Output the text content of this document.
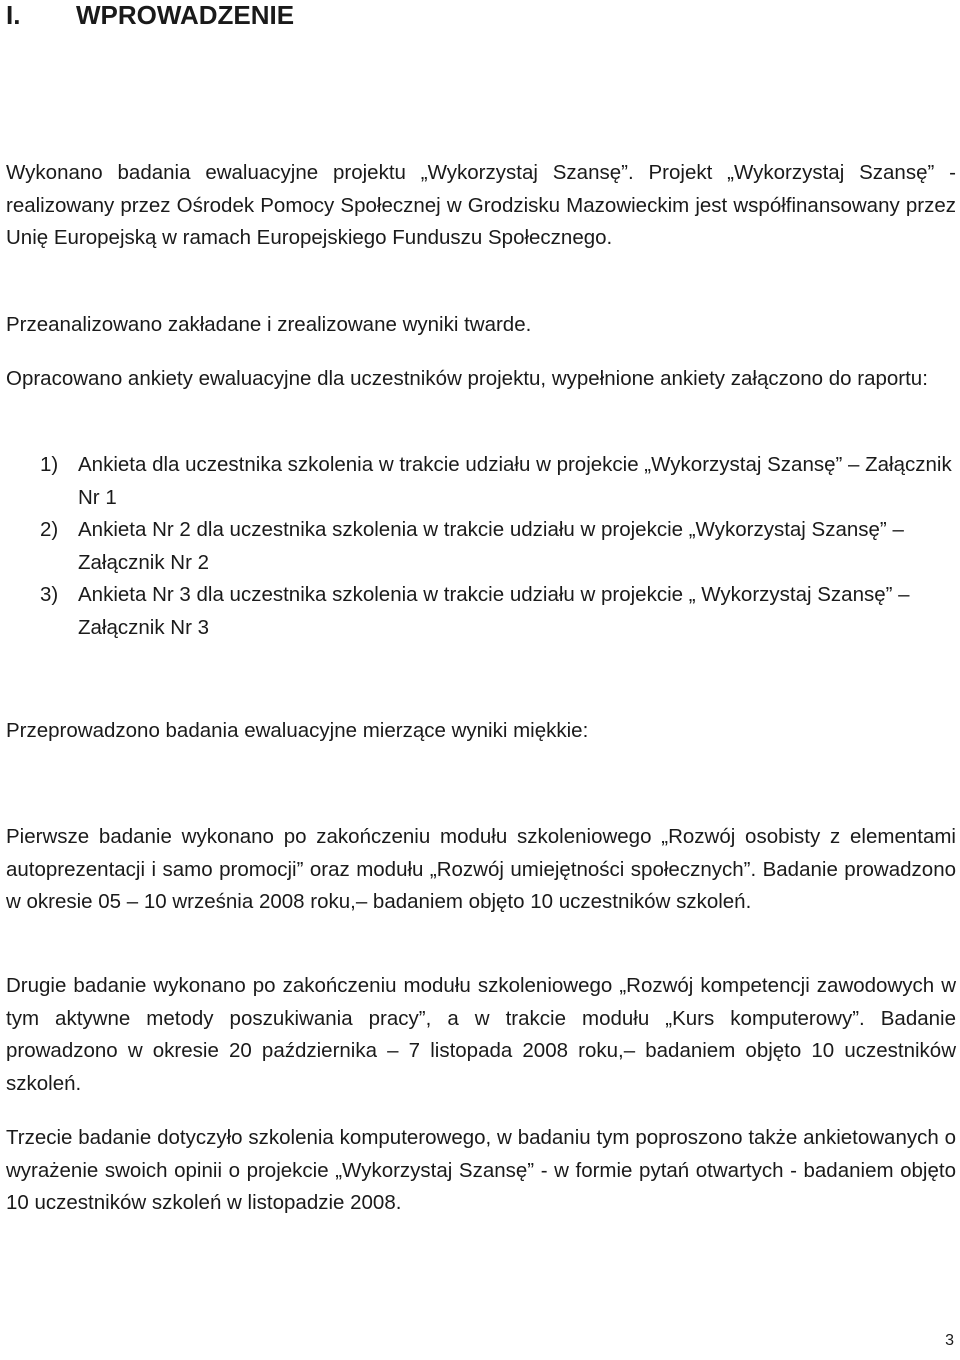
I. WPROWADZENIE

Wykonano badania ewaluacyjne projektu „Wykorzystaj Szansę”. Projekt „Wykorzystaj Szansę” - realizowany przez Ośrodek Pomocy Społecznej w Grodzisku Mazowieckim jest współfinansowany przez Unię Europejską w ramach Europejskiego Funduszu Społecznego.

Przeanalizowano zakładane i zrealizowane wyniki twarde.

Opracowano ankiety ewaluacyjne dla uczestników projektu, wypełnione ankiety załączono do raportu:

1) Ankieta dla uczestnika szkolenia w trakcie udziału w projekcie „Wykorzystaj Szansę” – Załącznik Nr 1
2) Ankieta Nr 2 dla uczestnika szkolenia w trakcie udziału w projekcie „Wykorzystaj Szansę” – Załącznik Nr 2
3) Ankieta Nr 3 dla uczestnika szkolenia w trakcie udziału w projekcie „ Wykorzystaj Szansę” – Załącznik Nr 3

Przeprowadzono badania ewaluacyjne mierzące wyniki miękkie:

Pierwsze badanie wykonano po zakończeniu modułu szkoleniowego „Rozwój osobisty z elementami autoprezentacji i samo promocji” oraz modułu „Rozwój umiejętności społecznych”. Badanie prowadzono w okresie 05 – 10 września 2008 roku,– badaniem objęto 10 uczestników szkoleń.

Drugie badanie wykonano po zakończeniu modułu szkoleniowego „Rozwój kompetencji zawodowych w tym aktywne metody poszukiwania pracy”, a w trakcie modułu „Kurs komputerowy”. Badanie prowadzono w okresie 20 października – 7 listopada 2008 roku,– badaniem objęto 10 uczestników szkoleń.

Trzecie badanie dotyczyło szkolenia komputerowego, w badaniu tym poproszono także ankietowanych o wyrażenie swoich opinii o projekcie „Wykorzystaj Szansę” - w formie pytań otwartych - badaniem objęto 10 uczestników szkoleń w listopadzie 2008.

3
